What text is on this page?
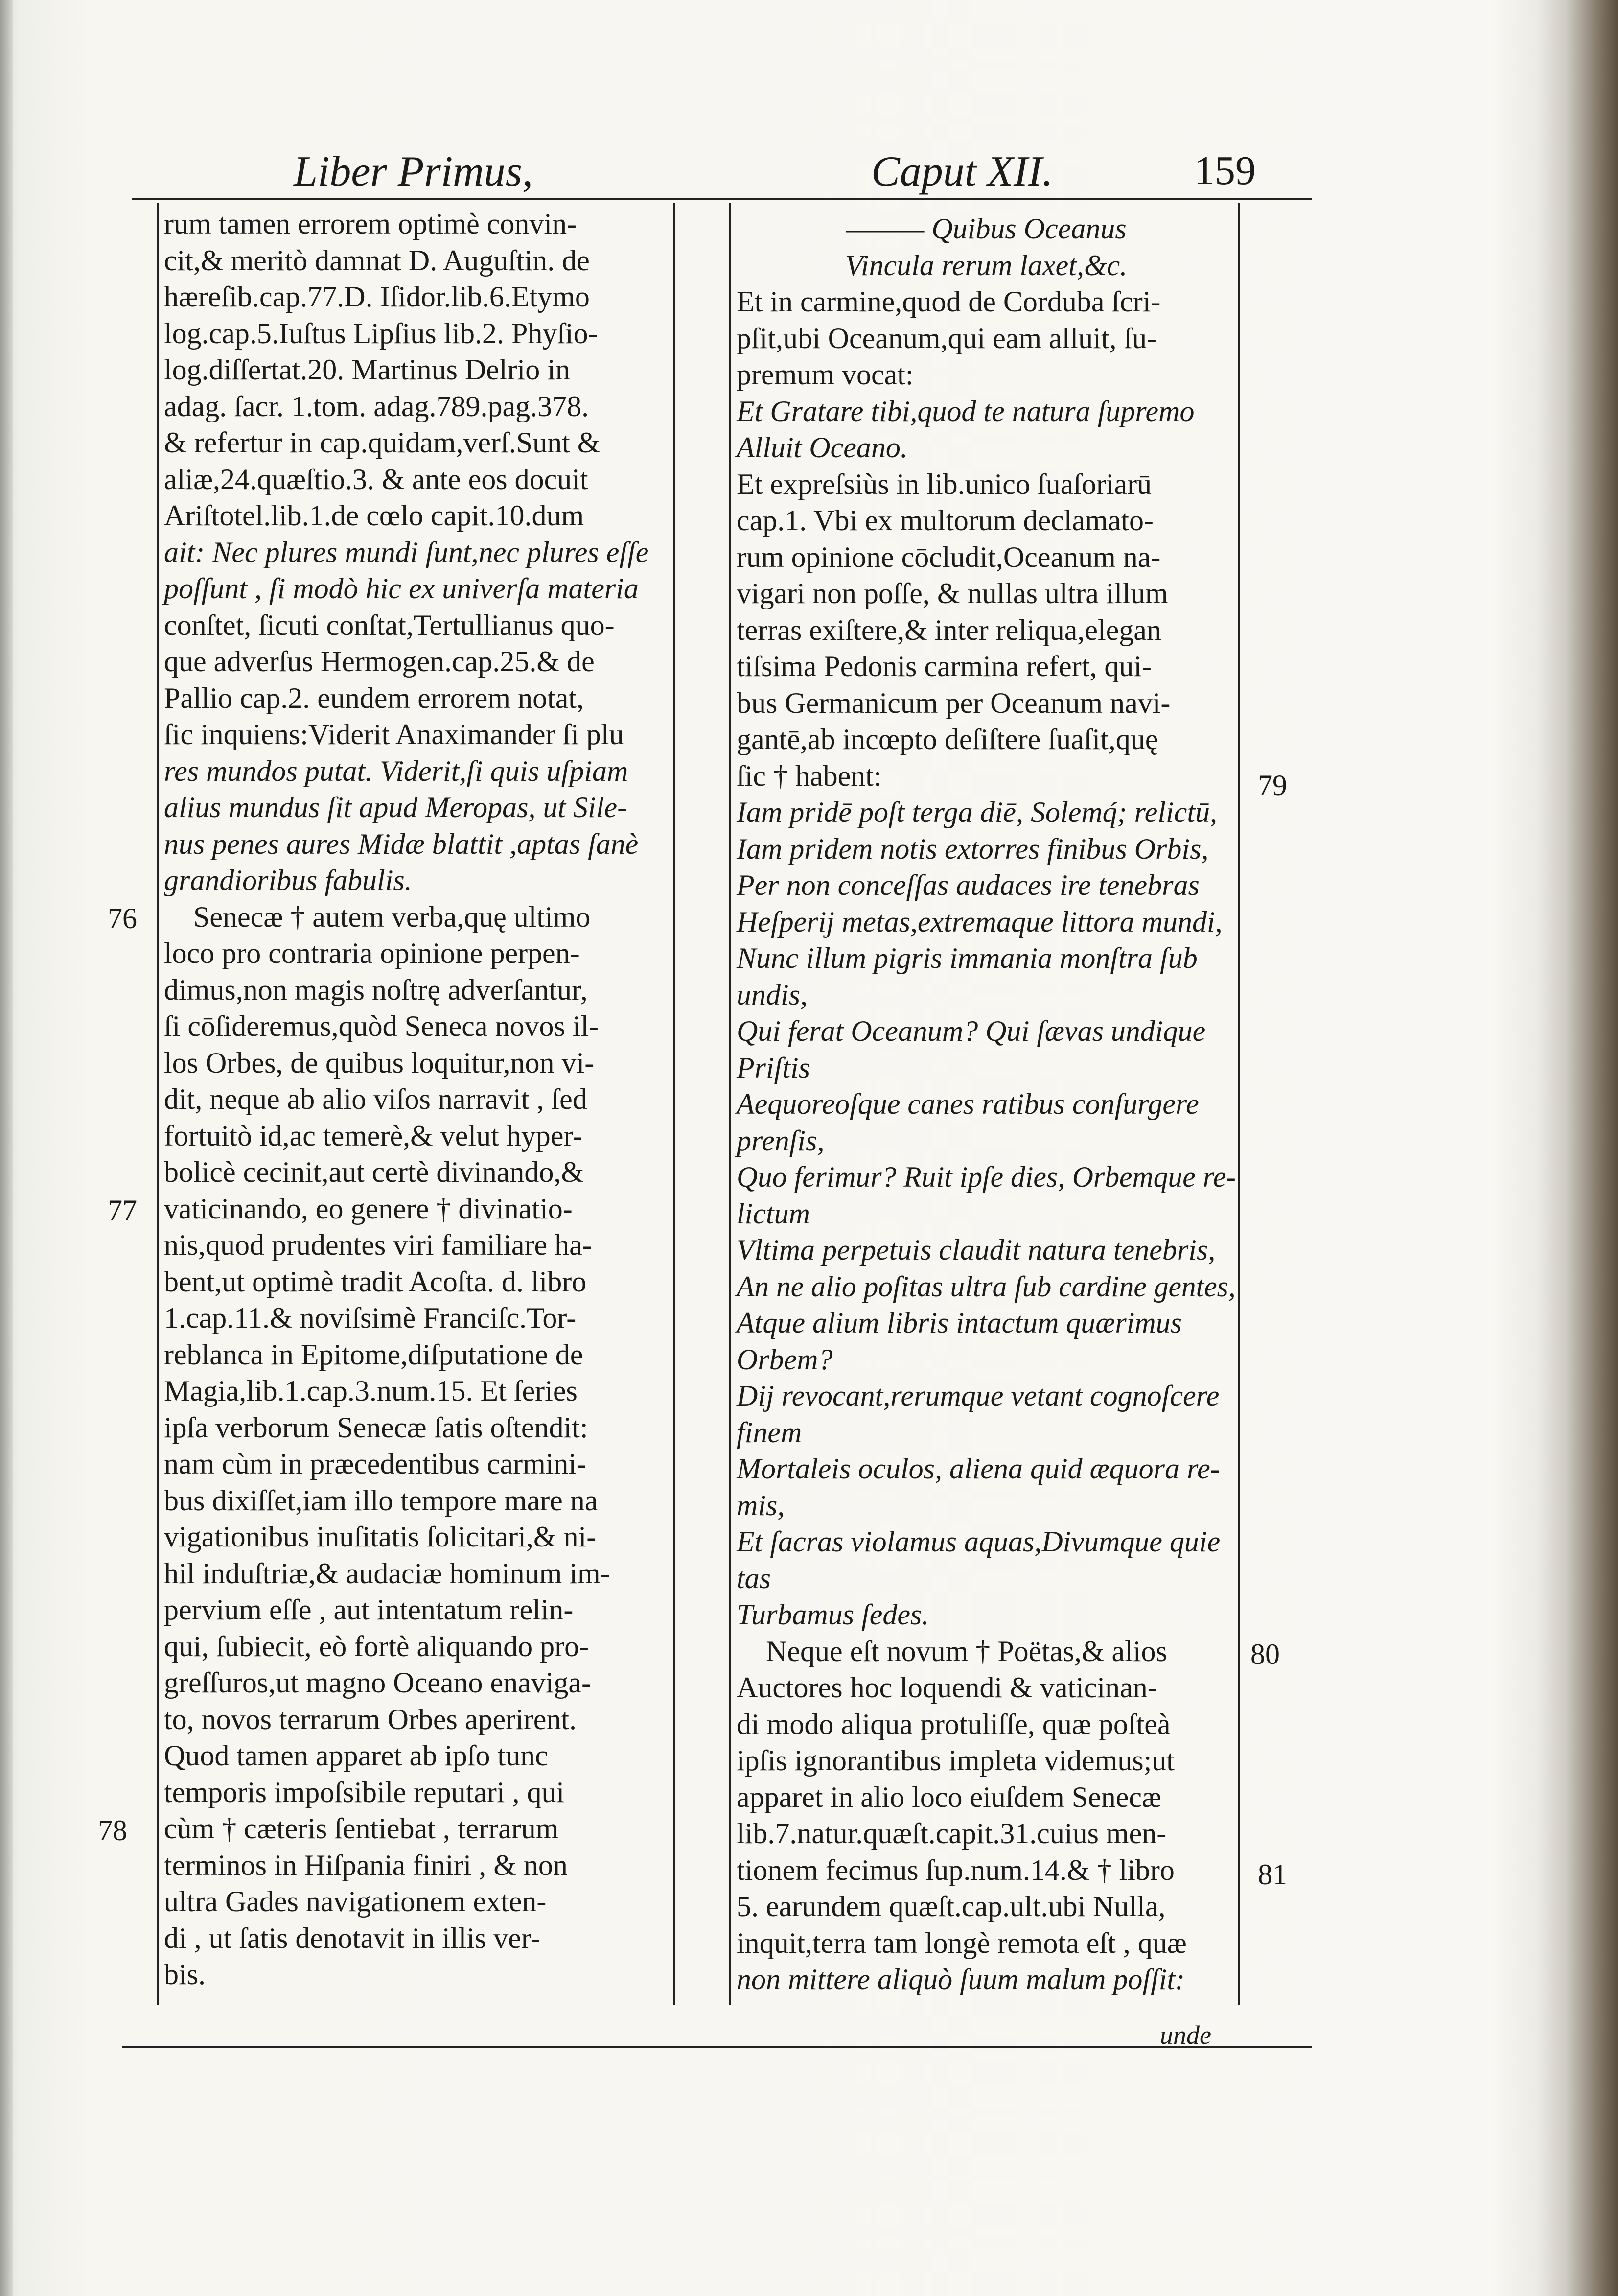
Liber Primus,	Caput XII.	159
rum tamen errorem optimè convin-
cit,& meritò damnat D. Auguſtin. de
hæreſib.cap.77.D. Iſidor.lib.6.Etymo
log.cap.5.Iuſtus Lipſius lib.2. Phyſio-
log.diſſertat.20. Martinus Delrio in
adag. ſacr. 1.tom. adag.789.pag.378.
& refertur in cap.quidam,verſ.Sunt &
aliæ,24.quæſtio.3. & ante eos docuit
Ariſtotel.lib.1.de cœlo capit.10.dum
ait: Nec plures mundi ſunt,nec plures eſſe
poſſunt , ſi modò hic ex univerſa materia
conſtet, ſicuti conſtat,Tertullianus quo-
que adverſus Hermogen.cap.25.& de
Pallio cap.2. eundem errorem notat,
ſic inquiens:Viderit Anaximander ſi plu
res mundos putat. Viderit,ſi quis uſpiam
alius mundus ſit apud Meropas, ut Sile-
nus penes aures Midæ blattit ,aptas ſanè
grandioribus fabulis.
Senecæ † autem verba,quę ultimo
loco pro contraria opinione perpen-
dimus,non magis noſtrę adverſantur,
ſi cōſideremus,quòd Seneca novos il-
los Orbes, de quibus loquitur,non vi-
dit, neque ab alio viſos narravit , ſed
fortuitò id,ac temerè,& velut hyper-
bolicè cecinit,aut certè divinando,&
vaticinando, eo genere † divinatio-
nis,quod prudentes viri familiare ha-
bent,ut optimè tradit Acoſta. d. libro
1.cap.11.& noviſsimè Franciſc.Tor-
reblanca in Epitome,diſputatione de
Magia,lib.1.cap.3.num.15. Et ſeries
ipſa verborum Senecæ ſatis oſtendit:
nam cùm in præcedentibus carmini-
bus dixiſſet,iam illo tempore mare na
vigationibus inuſitatis ſolicitari,& ni-
hil induſtriæ,& audaciæ hominum im-
pervium eſſe , aut intentatum relin-
qui, ſubiecit, eò fortè aliquando pro-
greſſuros,ut magno Oceano enaviga-
to, novos terrarum Orbes aperirent.
Quod tamen apparet ab ipſo tunc
temporis impoſsibile reputari , qui
cùm † cæteris ſentiebat , terrarum
terminos in Hiſpania finiri , & non
ultra Gades navigationem exten-
di , ut ſatis denotavit in illis ver-
bis.
——— Quibus Oceanus
Vincula rerum laxet,&c.
Et in carmine,quod de Corduba ſcri-
pſit,ubi Oceanum,qui eam alluit, ſu-
premum vocat:
Et Gratare tibi,quod te natura ſupremo
Alluit Oceano.
Et expreſsiùs in lib.unico ſuaſoriarū
cap.1. Vbi ex multorum declamato-
rum opinione cōcludit,Oceanum na-
vigari non poſſe, & nullas ultra illum
terras exiſtere,& inter reliqua,elegan
tiſsima Pedonis carmina refert, qui-
bus Germanicum per Oceanum navi-
gantē,ab incœpto deſiſtere ſuaſit,quę
ſic † habent:
Iam pridē poſt terga diē, Solemq́; relictū,
Iam pridem notis extorres finibus Orbis,
Per non conceſſas audaces ire tenebras
Heſperij metas,extremaque littora mundi,
Nunc illum pigris immania monſtra ſub
undis,
Qui ferat Oceanum? Qui ſævas undique
Priſtis
Aequoreoſque canes ratibus conſurgere
prenſis,
Quo ferimur? Ruit ipſe dies, Orbemque re-
lictum
Vltima perpetuis claudit natura tenebris,
An ne alio poſitas ultra ſub cardine gentes,
Atque alium libris intactum quærimus
Orbem?
Dij revocant,rerumque vetant cognoſcere
finem
Mortaleis oculos, aliena quid æquora re-
mis,
Et ſacras violamus aquas,Divumque quie
tas
Turbamus ſedes.
Neque eſt novum † Poëtas,& alios
Auctores hoc loquendi & vaticinan-
di modo aliqua protuliſſe, quæ poſteà
ipſis ignorantibus impleta videmus;ut
apparet in alio loco eiuſdem Senecæ
lib.7.natur.quæſt.capit.31.cuius men-
tionem fecimus ſup.num.14.& † libro
5. earundem quæſt.cap.ult.ubi Nulla,
inquit,terra tam longè remota eſt , quæ
non mittere aliquò ſuum malum poſſit:
76
77
78
79
80
81
unde
